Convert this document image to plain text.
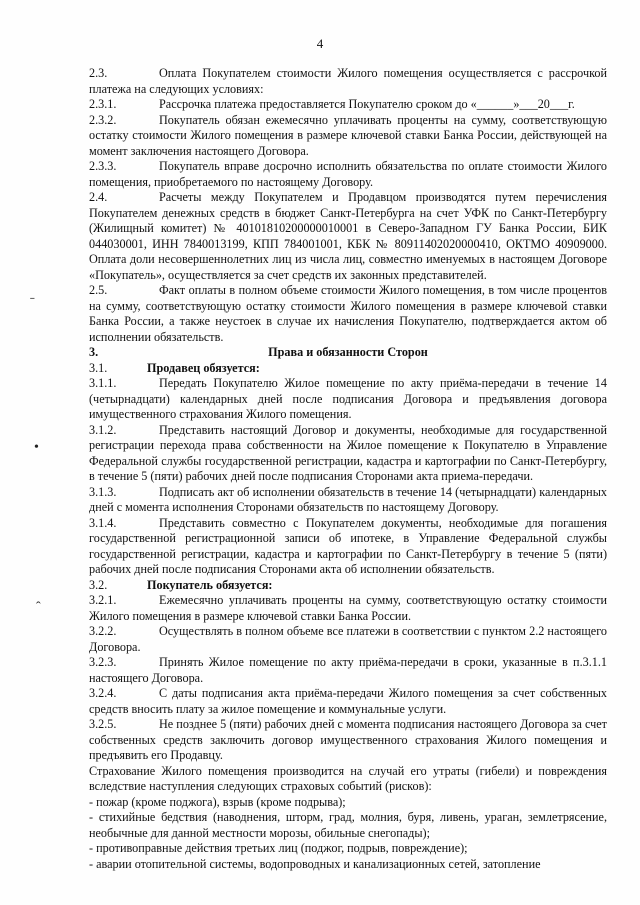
4
˗
•
ˆ
2.3.	Оплата Покупателем стоимости Жилого помещения осуществляется с рассрочкой платежа на следующих условиях:
2.3.1.	Рассрочка платежа предоставляется Покупателю сроком до «______»___20___г.
2.3.2.	Покупатель обязан ежемесячно уплачивать проценты на сумму, соответствующую остатку стоимости Жилого помещения в размере ключевой ставки Банка России, действующей на момент заключения настоящего Договора.
2.3.3.	Покупатель вправе досрочно исполнить обязательства по оплате стоимости Жилого помещения, приобретаемого по настоящему Договору.
2.4.	Расчеты между Покупателем и Продавцом производятся путем перечисления Покупателем денежных средств в бюджет Санкт-Петербурга на счет УФК по Санкт-Петербургу (Жилищный комитет) № 40101810200000010001 в Северо-Западном ГУ Банка России, БИК 044030001, ИНН 7840013199, КПП 784001001, КБК № 80911402020000410, ОКТМО 40909000. Оплата доли несовершеннолетних лиц из числа лиц, совместно именуемых в настоящем Договоре «Покупатель», осуществляется за счет средств их законных представителей.
2.5.	Факт оплаты в полном объеме стоимости Жилого помещения, в том числе процентов на сумму, соответствующую остатку стоимости Жилого помещения в размере ключевой ставки Банка России, а также неустоек в случае их начисления Покупателю, подтверждается актом об исполнении обязательств.
3.	Права и обязанности Сторон
3.1.	Продавец обязуется:
3.1.1.	Передать Покупателю Жилое помещение по акту приёма-передачи в течение 14 (четырнадцати) календарных дней после подписания Договора и предъявления договора имущественного страхования Жилого помещения.
3.1.2.	Представить настоящий Договор и документы, необходимые для государственной регистрации перехода права собственности на Жилое помещение к Покупателю в Управление Федеральной службы государственной регистрации, кадастра и картографии по Санкт-Петербургу, в течение 5 (пяти) рабочих дней после подписания Сторонами акта приема-передачи.
3.1.3.	Подписать акт об исполнении обязательств в течение 14 (четырнадцати) календарных дней с момента исполнения Сторонами обязательств по настоящему Договору.
3.1.4.	Представить совместно с Покупателем документы, необходимые для погашения государственной регистрационной записи об ипотеке, в Управление Федеральной службы государственной регистрации, кадастра и картографии по Санкт-Петербургу в течение 5 (пяти) рабочих дней после подписания Сторонами акта об исполнении обязательств.
3.2.	Покупатель обязуется:
3.2.1.	Ежемесячно уплачивать проценты на сумму, соответствующую остатку стоимости Жилого помещения в размере ключевой ставки Банка России.
3.2.2.	Осуществлять в полном объеме все платежи в соответствии с пунктом 2.2 настоящего Договора.
3.2.3.	Принять Жилое помещение по акту приёма-передачи в сроки, указанные в п.3.1.1 настоящего Договора.
3.2.4.	С даты подписания акта приёма-передачи Жилого помещения за счет собственных средств вносить плату за жилое помещение и коммунальные услуги.
3.2.5.	Не позднее 5 (пяти) рабочих дней с момента подписания настоящего Договора за счет собственных средств заключить договор имущественного страхования Жилого помещения и предъявить его Продавцу.
Страхование Жилого помещения производится на случай его утраты (гибели) и повреждения вследствие наступления следующих страховых событий (рисков):
- пожар (кроме поджога), взрыв (кроме подрыва);
- стихийные бедствия (наводнения, шторм, град, молния, буря, ливень, ураган, землетрясение, необычные для данной местности морозы, обильные снегопады);
- противоправные действия третьих лиц (поджог, подрыв, повреждение);
- аварии отопительной системы, водопроводных и канализационных сетей, затопление
